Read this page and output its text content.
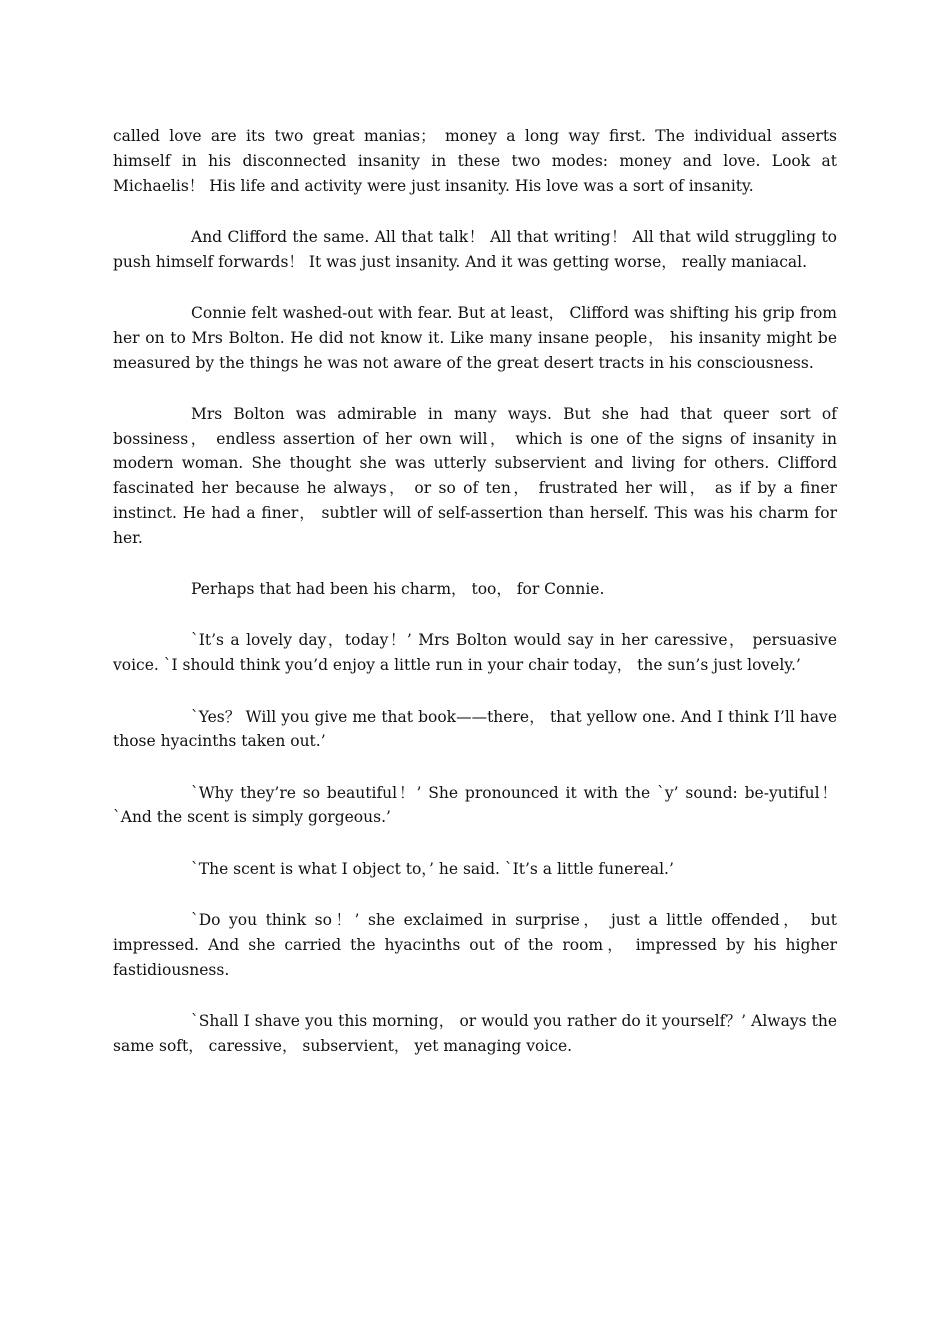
called love are its two great manias； money a long way first. The individual asserts himself in his disconnected insanity in these two modes: money and love. Look at Michaelis！ His life and activity were just insanity. His love was a sort of insanity.

And Clifford the same. All that talk！ All that writing！ All that wild struggling to push himself forwards！ It was just insanity. And it was getting worse， really maniacal.

Connie felt washed-out with fear. But at least， Clifford was shifting his grip from her on to Mrs Bolton. He did not know it. Like many insane people， his insanity might be measured by the things he was not aware of the great desert tracts in his consciousness.

Mrs Bolton was admirable in many ways. But she had that queer sort of bossiness， endless assertion of her own will， which is one of the signs of insanity in modern woman. She thought she was utterly subservient and living for others. Clifford fascinated her because he always， or so of ten， frustrated her will， as if by a finer instinct. He had a finer， subtler will of self-assertion than herself. This was his charm for her.

Perhaps that had been his charm， too， for Connie.

`It’s a lovely day，today！’ Mrs Bolton would say in her caressive， persuasive voice. `I should think you’d enjoy a little run in your chair today， the sun’s just lovely.’

`Yes？ Will you give me that book——there， that yellow one. And I think I’ll have those hyacinths taken out.’

`Why they’re so beautiful！’ She pronounced it with the `y’ sound: be-yutiful！ `And the scent is simply gorgeous.’

`The scent is what I object to，’ he said. `It’s a little funereal.’

`Do you think so！’ she exclaimed in surprise， just a little offended， but impressed. And she carried the hyacinths out of the room， impressed by his higher fastidiousness.

`Shall I shave you this morning， or would you rather do it yourself？’ Always the same soft， caressive， subservient， yet managing voice.
